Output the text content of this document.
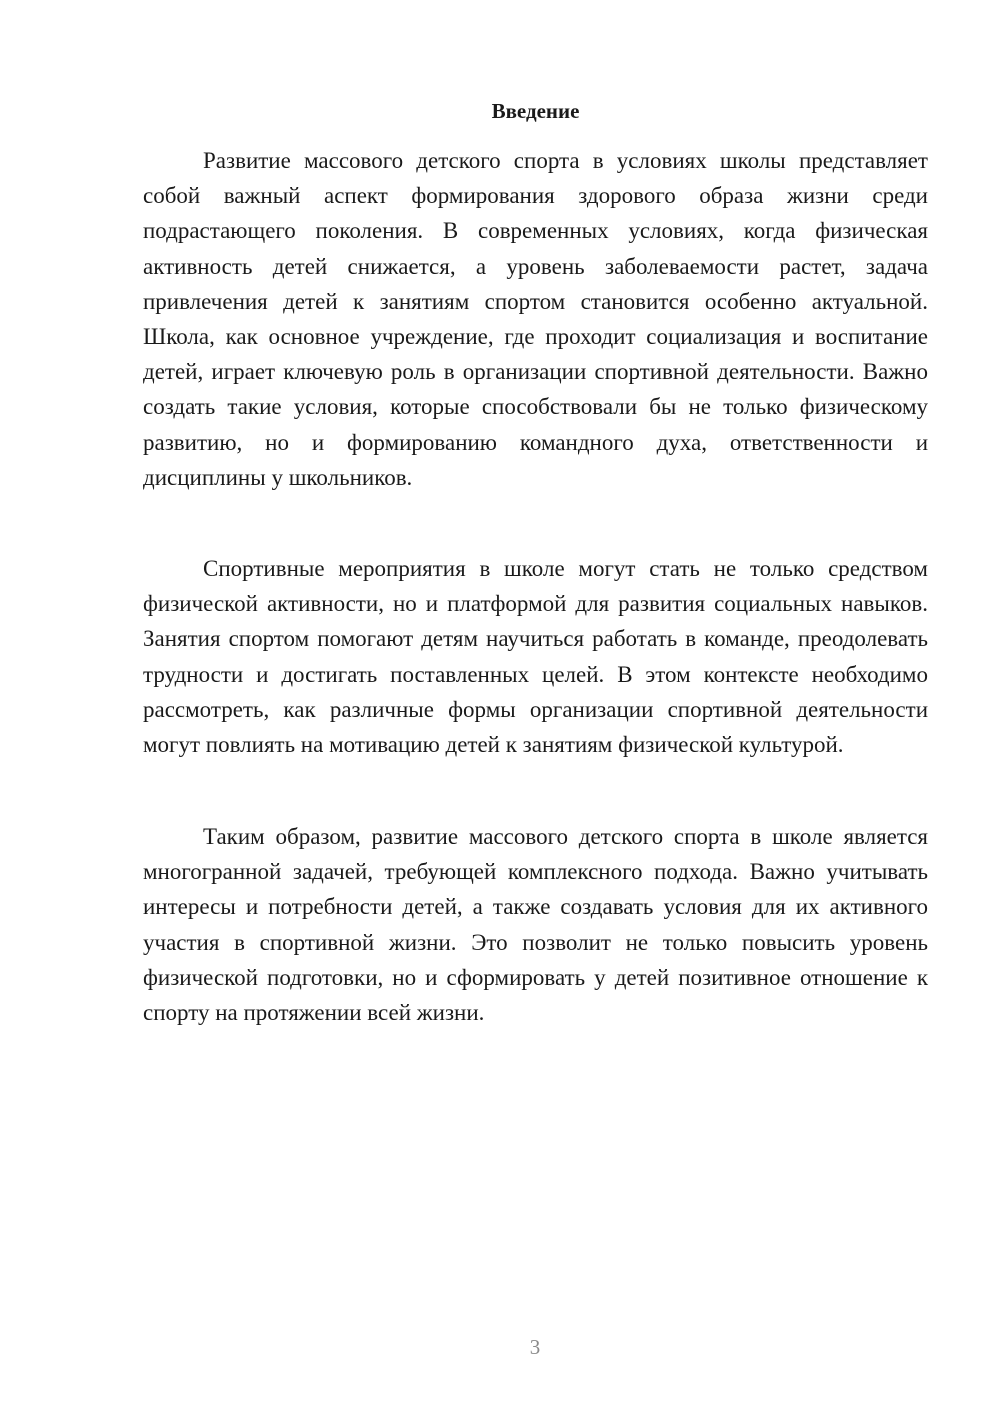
Введение

Развитие массового детского спорта в условиях школы представляет собой важный аспект формирования здорового образа жизни среди подрастающего поколения. В современных условиях, когда физическая активность детей снижается, а уровень заболеваемости растет, задача привлечения детей к занятиям спортом становится особенно актуальной. Школа, как основное учреждение, где проходит социализация и воспитание детей, играет ключевую роль в организации спортивной деятельности. Важно создать такие условия, которые способствовали бы не только физическому развитию, но и формированию командного духа, ответственности и дисциплины у школьников.

Спортивные мероприятия в школе могут стать не только средством физической активности, но и платформой для развития социальных навыков. Занятия спортом помогают детям научиться работать в команде, преодолевать трудности и достигать поставленных целей. В этом контексте необходимо рассмотреть, как различные формы организации спортивной деятельности могут повлиять на мотивацию детей к занятиям физической культурой.

Таким образом, развитие массового детского спорта в школе является многогранной задачей, требующей комплексного подхода. Важно учитывать интересы и потребности детей, а также создавать условия для их активного участия в спортивной жизни. Это позволит не только повысить уровень физической подготовки, но и сформировать у детей позитивное отношение к спорту на протяжении всей жизни.

3
